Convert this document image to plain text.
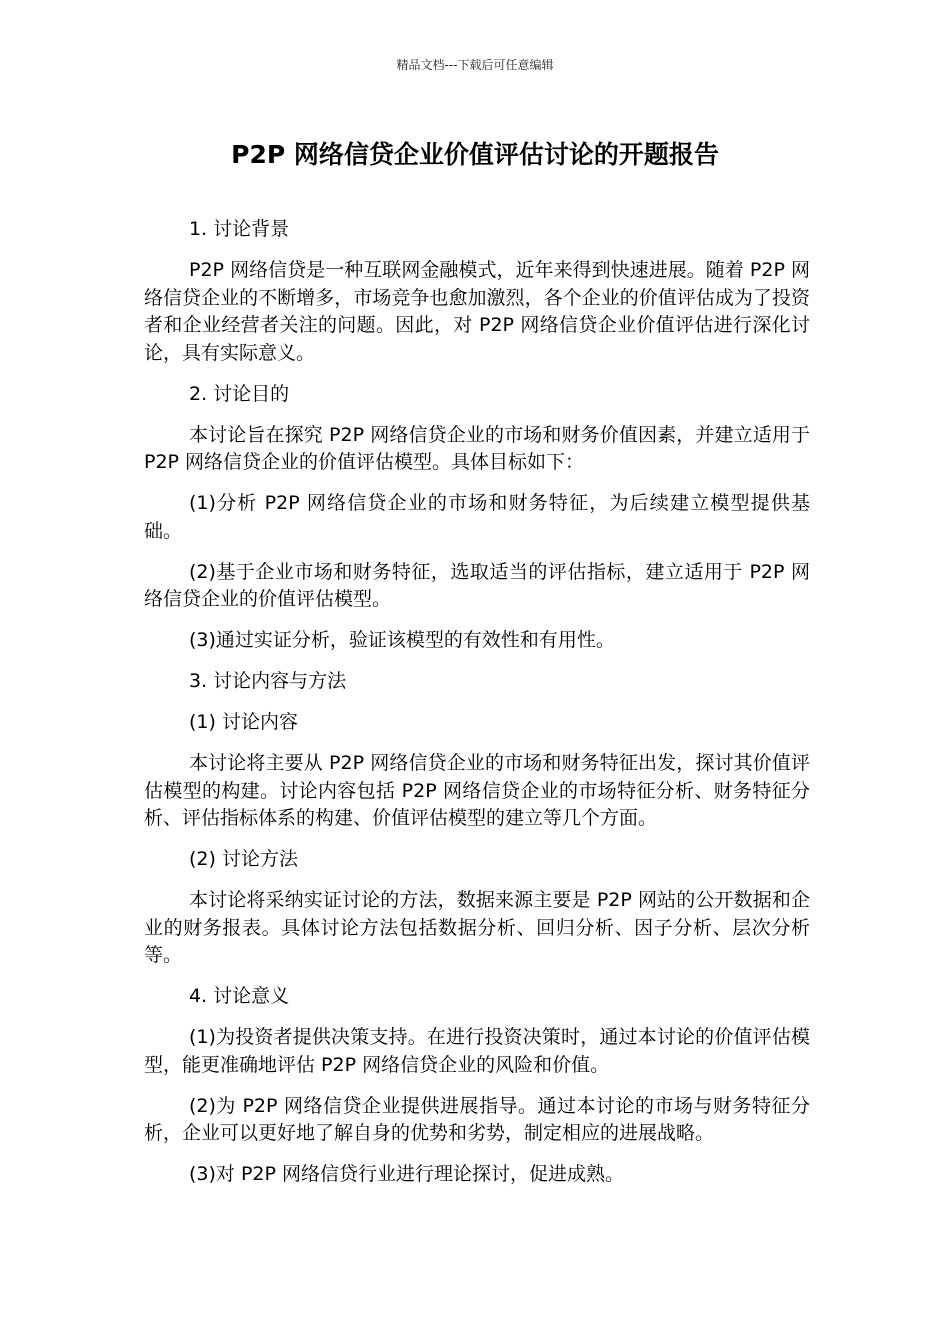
精品文档---下载后可任意编辑
P2P 网络信贷企业价值评估讨论的开题报告

1. 讨论背景

P2P 网络信贷是一种互联网金融模式，近年来得到快速进展。随着 P2P 网络信贷企业的不断增多，市场竞争也愈加激烈，各个企业的价值评估成为了投资者和企业经营者关注的问题。因此，对 P2P 网络信贷企业价值评估进行深化讨论，具有实际意义。

2. 讨论目的

本讨论旨在探究 P2P 网络信贷企业的市场和财务价值因素，并建立适用于 P2P 网络信贷企业的价值评估模型。具体目标如下：

(1)分析 P2P 网络信贷企业的市场和财务特征，为后续建立模型提供基础。

(2)基于企业市场和财务特征，选取适当的评估指标，建立适用于 P2P 网络信贷企业的价值评估模型。

(3)通过实证分析，验证该模型的有效性和有用性。

3. 讨论内容与方法

(1) 讨论内容

本讨论将主要从 P2P 网络信贷企业的市场和财务特征出发，探讨其价值评估模型的构建。讨论内容包括 P2P 网络信贷企业的市场特征分析、财务特征分析、评估指标体系的构建、价值评估模型的建立等几个方面。

(2) 讨论方法

本讨论将采纳实证讨论的方法，数据来源主要是 P2P 网站的公开数据和企业的财务报表。具体讨论方法包括数据分析、回归分析、因子分析、层次分析等。

4. 讨论意义

(1)为投资者提供决策支持。在进行投资决策时，通过本讨论的价值评估模型，能更准确地评估 P2P 网络信贷企业的风险和价值。

(2)为 P2P 网络信贷企业提供进展指导。通过本讨论的市场与财务特征分析，企业可以更好地了解自身的优势和劣势，制定相应的进展战略。

(3)对 P2P 网络信贷行业进行理论探讨，促进成熟。
